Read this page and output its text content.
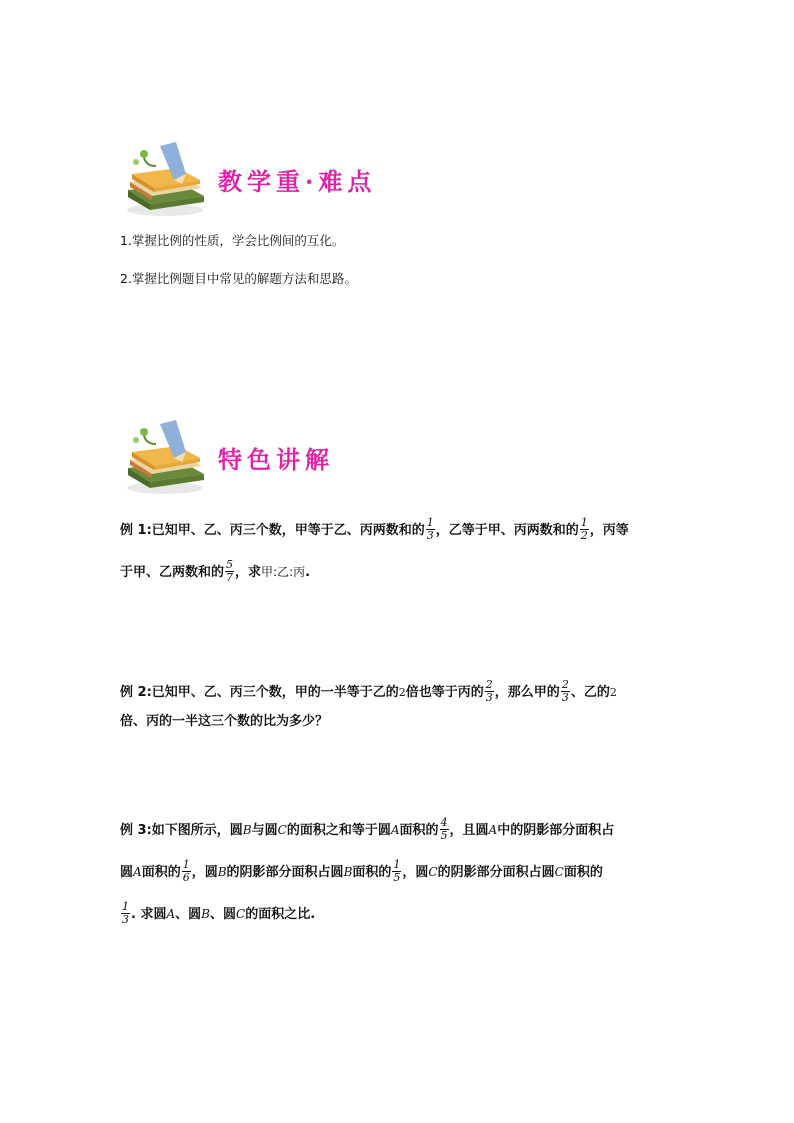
教学重·难点
1.掌握比例的性质，学会比例间的互化。
2.掌握比例题目中常见的解题方法和思路。
特色讲解
例 1:已知甲、乙、丙三个数，甲等于乙、丙两数和的 $\frac{1}{3}$ ，乙等于甲、丙两数和的 $\frac{1}{2}$ ，丙等
于甲、乙两数和的 $\frac{5}{7}$ ，求甲:乙:丙.
例 2:已知甲、乙、丙三个数，甲的一半等于乙的2倍也等于丙的 $\frac{2}{3}$ ，那么甲的 $\frac{2}{3}$ 、乙的2
倍、丙的一半这三个数的比为多少？
例 3:如下图所示，圆B与圆C的面积之和等于圆A面积的 $\frac{4}{5}$ ，且圆A中的阴影部分面积占
圆A面积的 $\frac{1}{6}$ ，圆B的阴影部分面积占圆B面积的 $\frac{1}{5}$ ，圆C的阴影部分面积占圆C面积的
$\frac{1}{3}$ . 求圆A、圆B、圆C的面积之比.
